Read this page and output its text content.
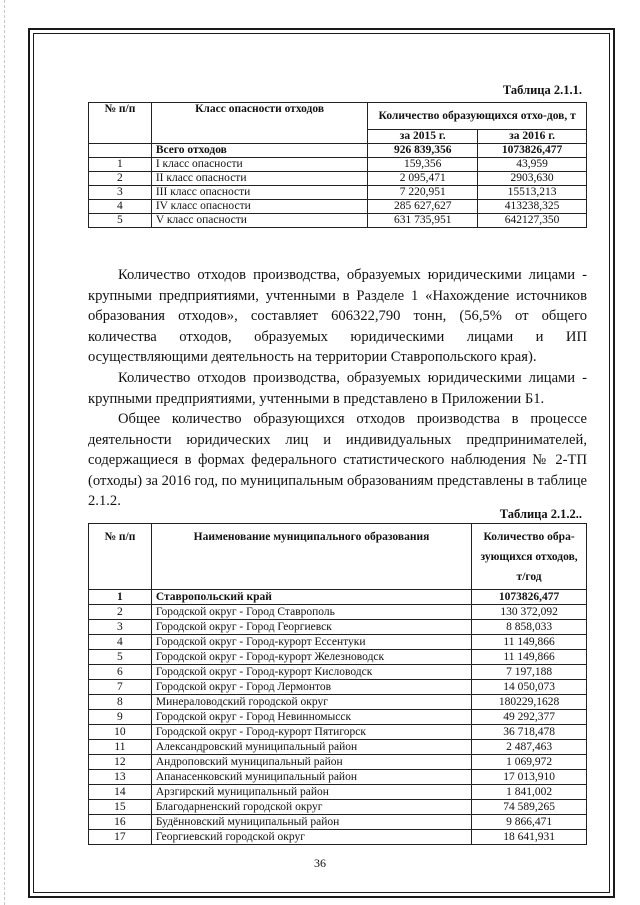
Таблица 2.1.1.
№ п/п	Класс опасности отходов	Количество образующихся отхо-дов, т	
		за 2015 г.	за 2016 г.
	Всего отходов	926 839,356	1073826,477
1	I класс опасности	159,356	43,959
2	II класс опасности	2 095,471	2903,630
3	III класс опасности	7 220,951	15513,213
4	IV класс опасности	285 627,627	413238,325
5	V класс опасности	631 735,951	642127,350

Количество отходов производства, образуемых юридическими лицами - крупными предприятиями, учтенными в Разделе 1 «Нахождение источников образования отходов», составляет 606322,790 тонн, (56,5% от общего количества отходов, образуемых юридическими лицами и ИП осуществляющими деятельность на территории Ставропольского края).

Количество отходов производства, образуемых юридическими лицами - крупными предприятиями, учтенными в представлено в Приложении Б1.

Общее количество образующихся отходов производства в процессе деятельности юридических лиц и индивидуальных предпринимателей, содержащиеся в формах федерального статистического наблюдения № 2-ТП (отходы) за 2016 год, по муниципальным образованиям представлены в таблице 2.1.2.

Таблица 2.1.2..
№ п/п	Наименование муниципального образования	Количество обра-зующихся отходов, т/год
1	Ставропольский край	1073826,477
2	Городской округ - Город Ставрополь	130 372,092
3	Городской округ - Город Георгиевск	8 858,033
4	Городской округ - Город-курорт Ессентуки	11 149,866
5	Городской округ - Город-курорт Железноводск	11 149,866
6	Городской округ - Город-курорт Кисловодск	7 197,188
7	Городской округ - Город Лермонтов	14 050,073
8	Минераловодский городской округ	180229,1628
9	Городской округ - Город Невинномысск	49 292,377
10	Городской округ - Город-курорт Пятигорск	36 718,478
11	Александровский муниципальный район	2 487,463
12	Андроповский муниципальный район	1 069,972
13	Апанасенковский муниципальный район	17 013,910
14	Арзгирский муниципальный район	1 841,002
15	Благодарненский городской округ	74 589,265
16	Будённовский муниципальный район	9 866,471
17	Георгиевский городской округ	18 641,931
36
